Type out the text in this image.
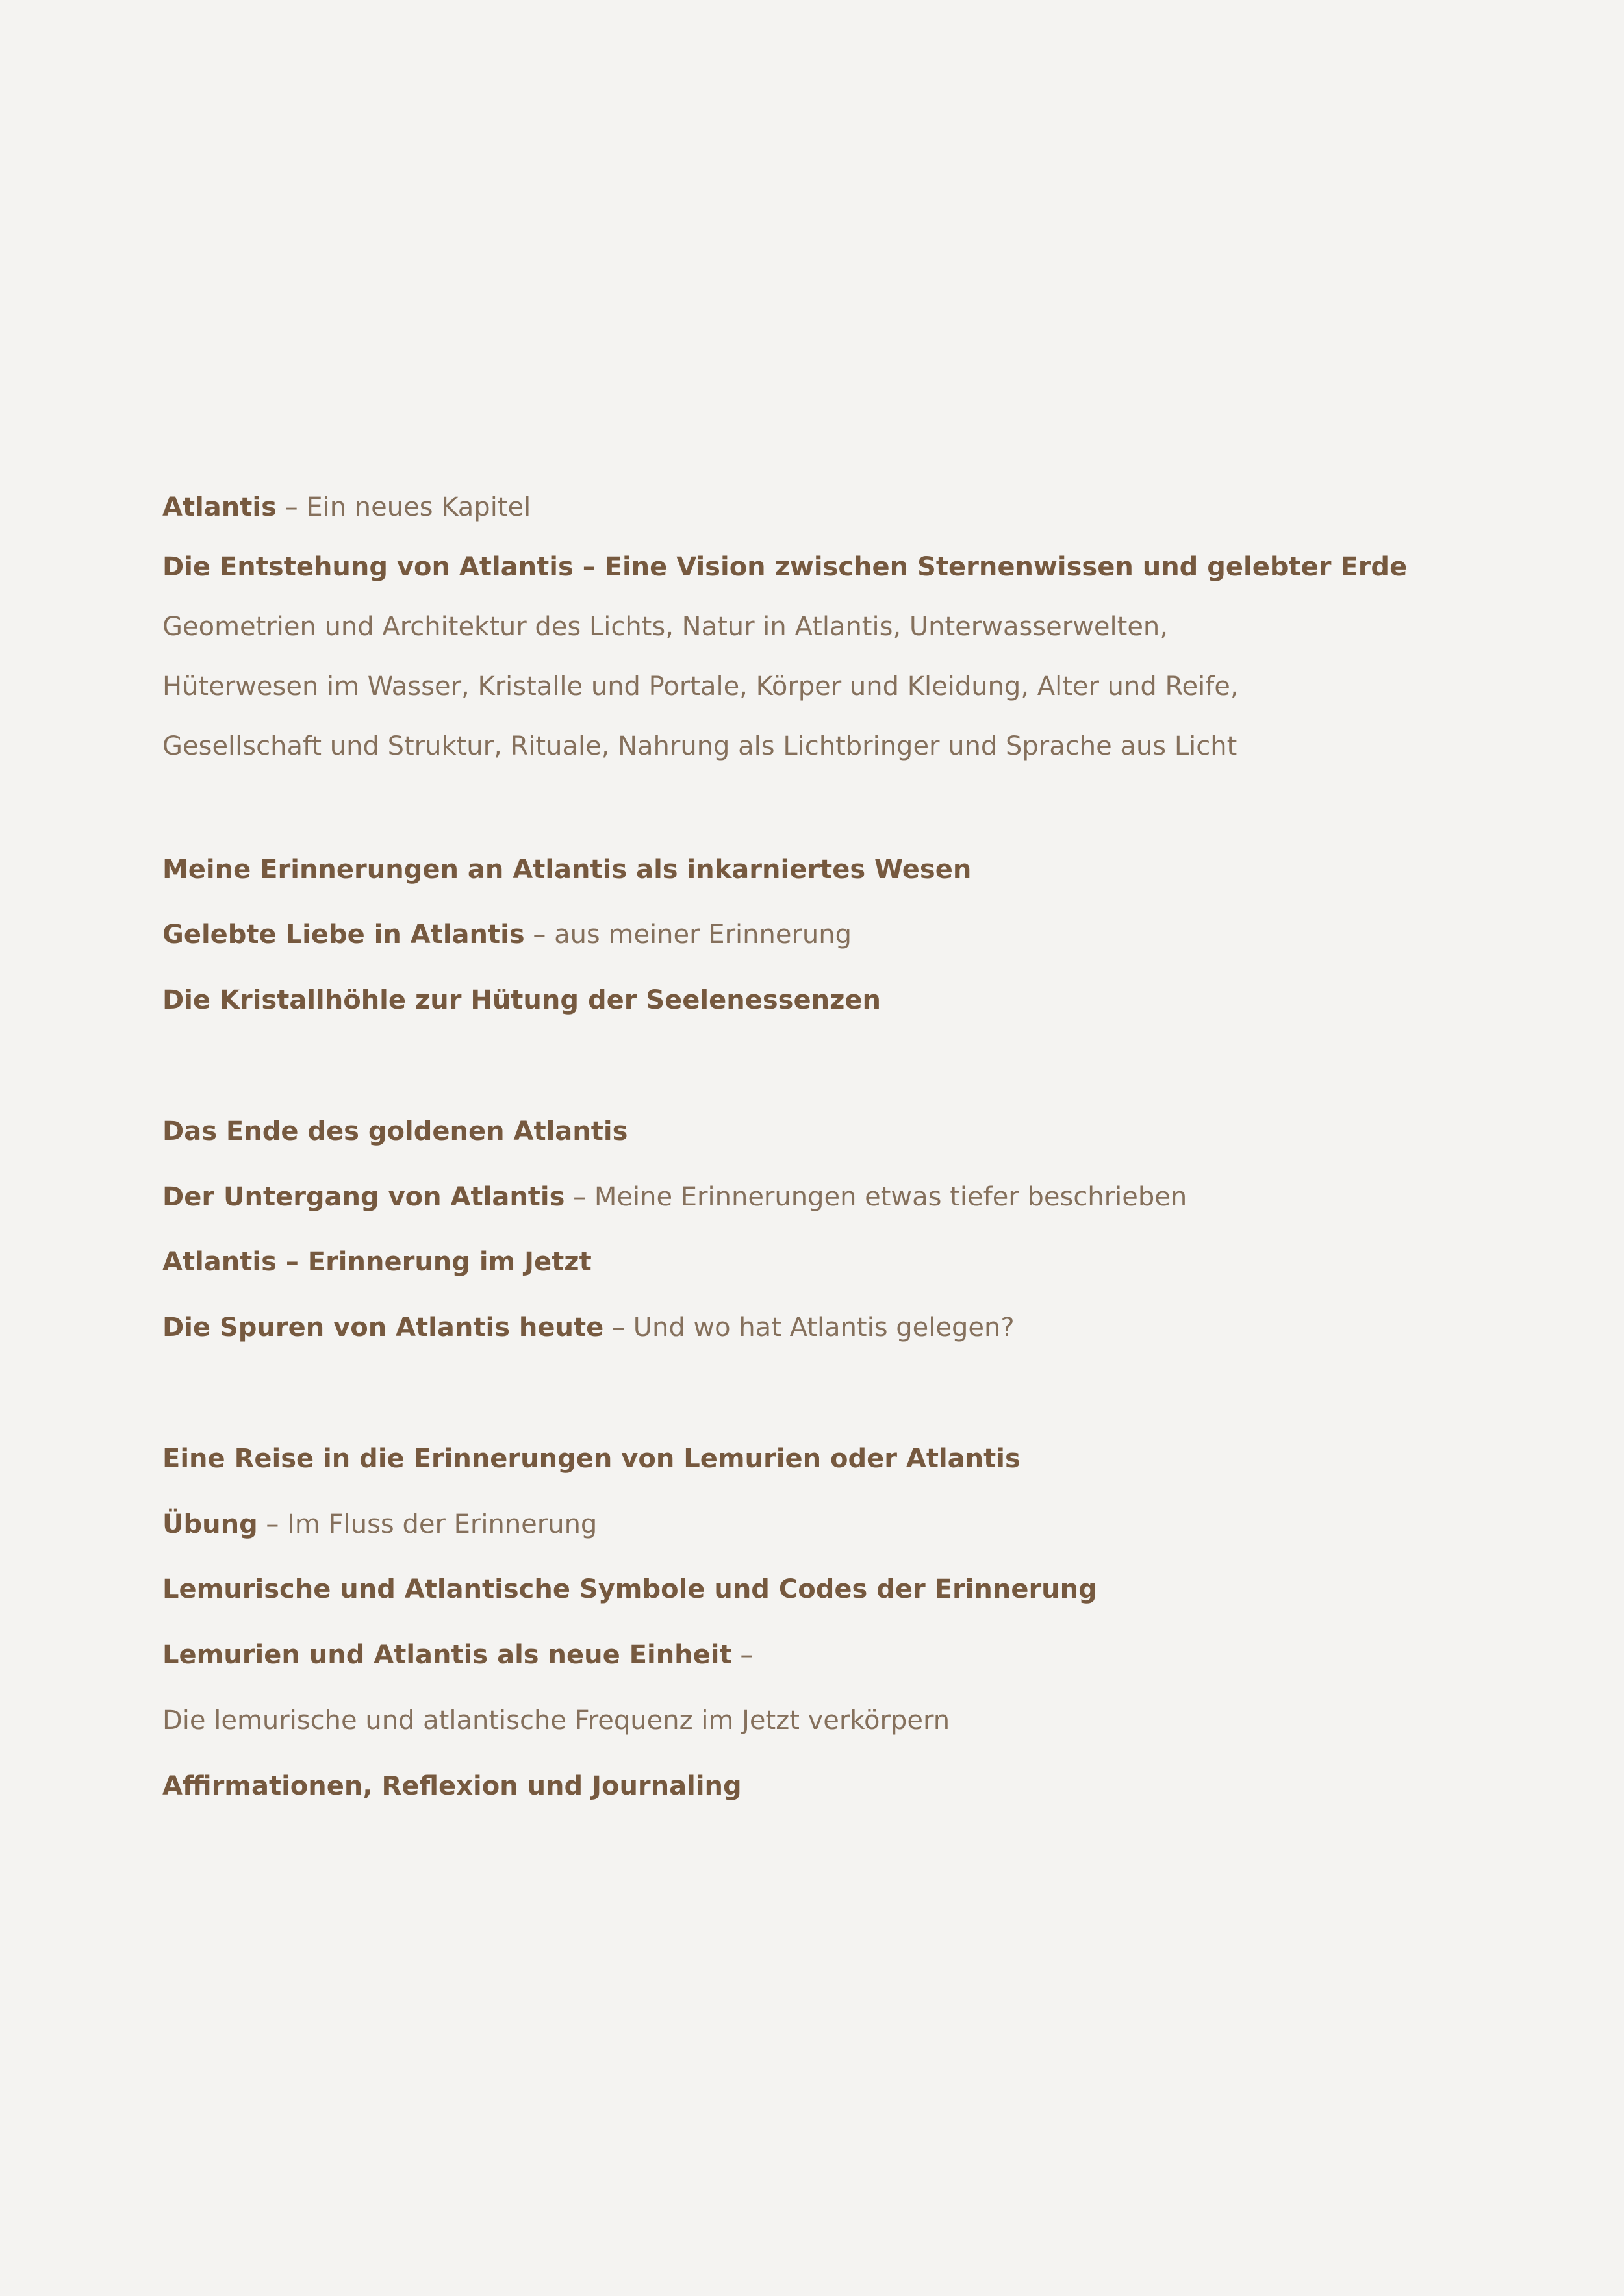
Atlantis – Ein neues Kapitel
Die Entstehung von Atlantis – Eine Vision zwischen Sternenwissen und gelebter Erde
Geometrien und Architektur des Lichts, Natur in Atlantis, Unterwasserwelten,
Hüterwesen im Wasser, Kristalle und Portale, Körper und Kleidung, Alter und Reife,
Gesellschaft und Struktur, Rituale, Nahrung als Lichtbringer und Sprache aus Licht
Meine Erinnerungen an Atlantis als inkarniertes Wesen
Gelebte Liebe in Atlantis – aus meiner Erinnerung
Die Kristallhöhle zur Hütung der Seelenessenzen
Das Ende des goldenen Atlantis
Der Untergang von Atlantis – Meine Erinnerungen etwas tiefer beschrieben
Atlantis – Erinnerung im Jetzt
Die Spuren von Atlantis heute – Und wo hat Atlantis gelegen?
Eine Reise in die Erinnerungen von Lemurien oder Atlantis
Übung – Im Fluss der Erinnerung
Lemurische und Atlantische Symbole und Codes der Erinnerung
Lemurien und Atlantis als neue Einheit –
Die lemurische und atlantische Frequenz im Jetzt verkörpern
Affirmationen, Reflexion und Journaling
